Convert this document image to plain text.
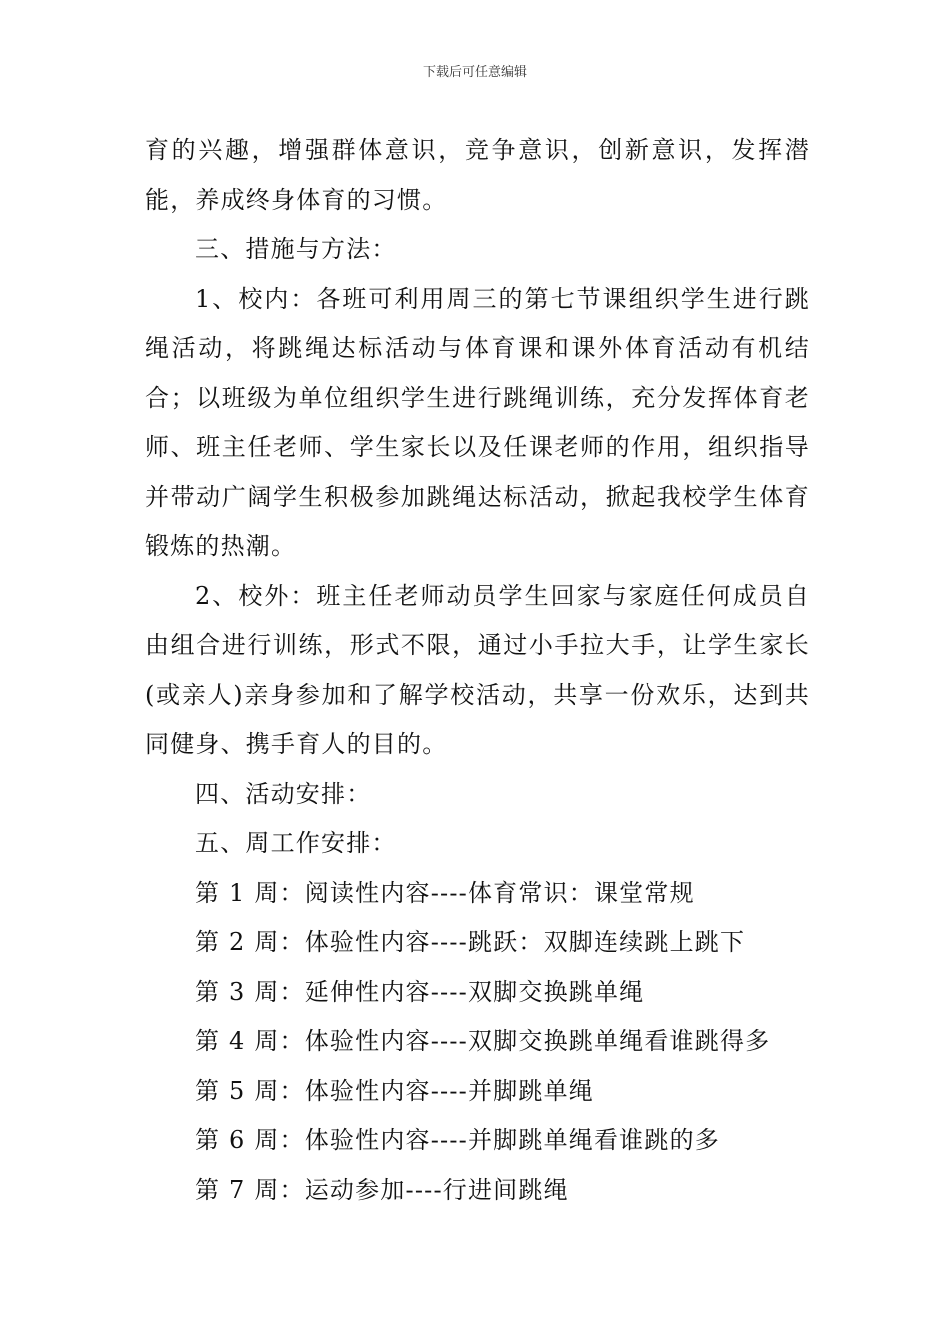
下载后可任意编辑

育的兴趣，增强群体意识，竞争意识，创新意识，发挥潜能，养成终身体育的习惯。

三、措施与方法：

1、校内：各班可利用周三的第七节课组织学生进行跳绳活动，将跳绳达标活动与体育课和课外体育活动有机结合；以班级为单位组织学生进行跳绳训练，充分发挥体育老师、班主任老师、学生家长以及任课老师的作用，组织指导并带动广阔学生积极参加跳绳达标活动，掀起我校学生体育锻炼的热潮。

2、校外：班主任老师动员学生回家与家庭任何成员自由组合进行训练，形式不限，通过小手拉大手，让学生家长(或亲人)亲身参加和了解学校活动，共享一份欢乐，达到共同健身、携手育人的目的。

四、活动安排：

五、周工作安排：

第 1 周：阅读性内容----体育常识：课堂常规

第 2 周：体验性内容----跳跃：双脚连续跳上跳下

第 3 周：延伸性内容----双脚交换跳单绳

第 4 周：体验性内容----双脚交换跳单绳看谁跳得多

第 5 周：体验性内容----并脚跳单绳

第 6 周：体验性内容----并脚跳单绳看谁跳的多

第 7 周：运动参加----行进间跳绳
